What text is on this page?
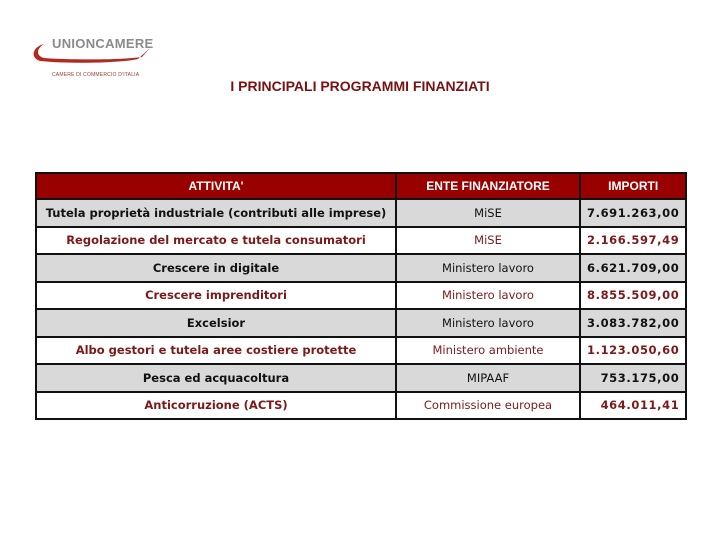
UNIONCAMERE
CAMERE DI COMMERCIO D'ITALIA
I PRINCIPALI PROGRAMMI FINANZIATI
ATTIVITA'	ENTE FINANZIATORE	IMPORTI
Tutela proprietà industriale (contributi alle imprese)	MiSE	7.691.263,00
Regolazione del mercato e tutela consumatori	MiSE	2.166.597,49
Crescere in digitale	Ministero lavoro	6.621.709,00
Crescere imprenditori	Ministero lavoro	8.855.509,00
Excelsior	Ministero lavoro	3.083.782,00
Albo gestori e tutela aree costiere protette	Ministero ambiente	1.123.050,60
Pesca ed acquacoltura	MIPAAF	753.175,00
Anticorruzione (ACTS)	Commissione europea	464.011,41
